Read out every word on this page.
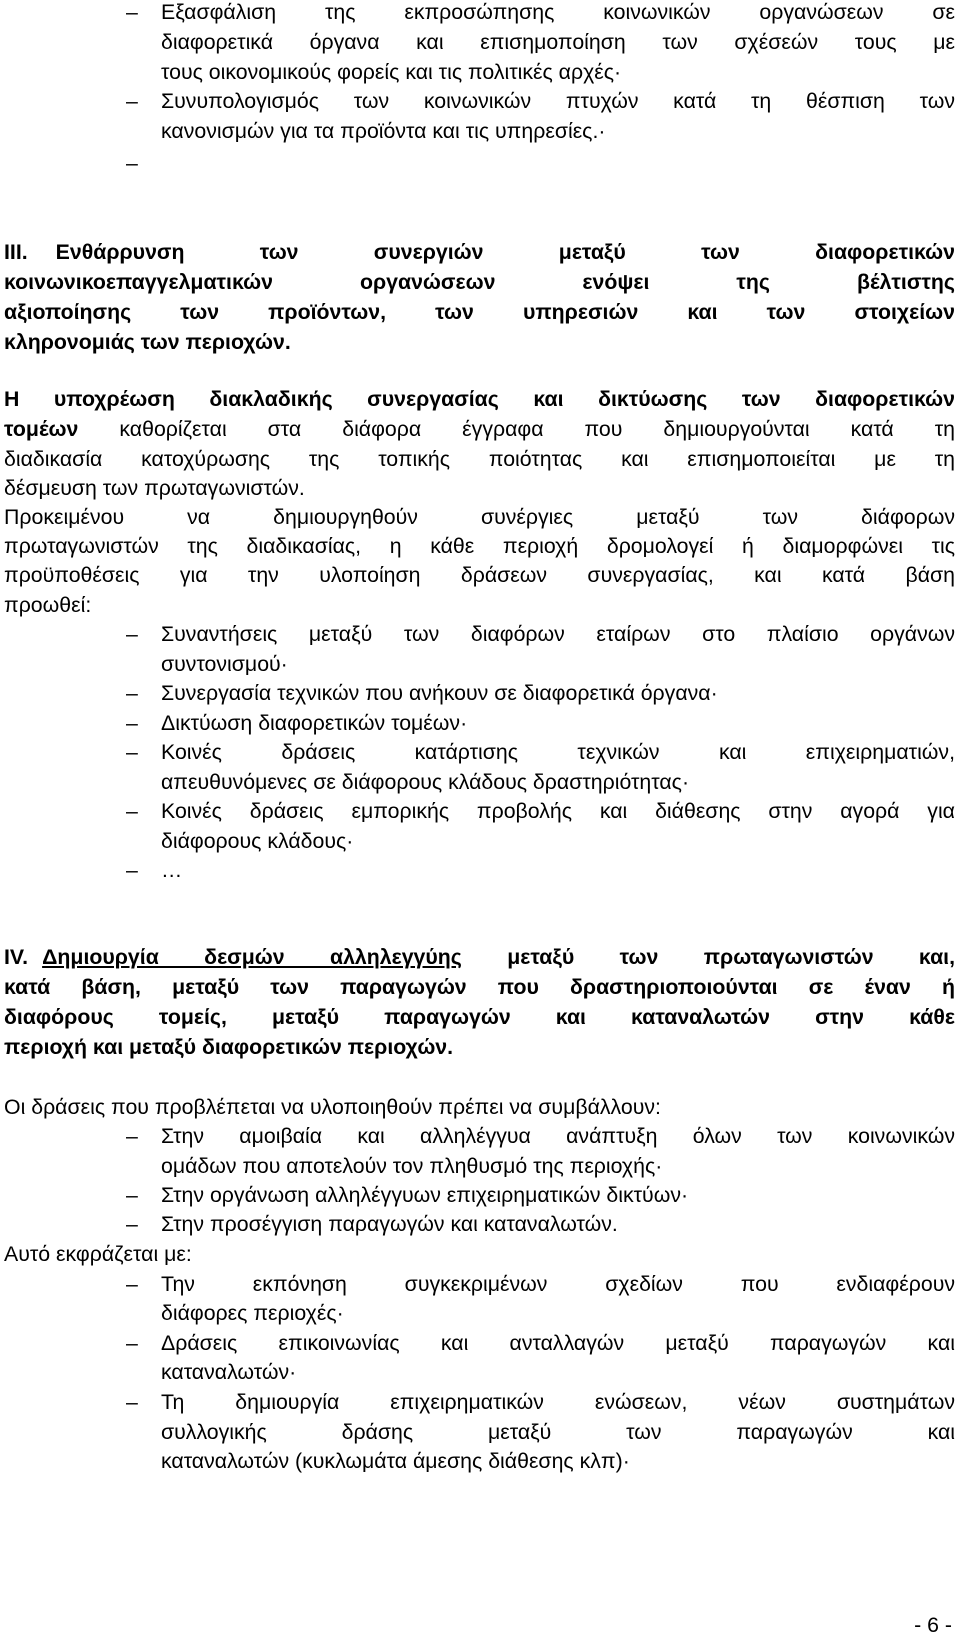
– Εξασφάλιση της εκπροσώπησης κοινωνικών οργανώσεων σε
διαφορετικά όργανα και επισημοποίηση των σχέσεών τους με
τους οικονομικούς φορείς και τις πολιτικές αρχές·
– Συνυπολογισμός των κοινωνικών πτυχών κατά τη θέσπιση των
κανονισμών για τα προϊόντα και τις υπηρεσίες.·
–
III. Ενθάρρυνση των συνεργιών μεταξύ των διαφορετικών
κοινωνικοεπαγγελματικών οργανώσεων ενόψει της βέλτιστης
αξιοποίησης των προϊόντων, των υπηρεσιών και των στοιχείων
κληρονομιάς των περιοχών.
Η υποχρέωση διακλαδικής συνεργασίας και δικτύωσης των διαφορετικών
τομέων καθορίζεται στα διάφορα έγγραφα που δημιουργούνται κατά τη
διαδικασία κατοχύρωσης της τοπικής ποιότητας και επισημοποιείται με τη
δέσμευση των πρωταγωνιστών.
Προκειμένου να δημιουργηθούν συνέργιες μεταξύ των διάφορων
πρωταγωνιστών της διαδικασίας, η κάθε περιοχή δρομολογεί ή διαμορφώνει τις
προϋποθέσεις για την υλοποίηση δράσεων συνεργασίας, και κατά βάση
προωθεί:
– Συναντήσεις μεταξύ των διαφόρων εταίρων στο πλαίσιο οργάνων
συντονισμού·
– Συνεργασία τεχνικών που ανήκουν σε διαφορετικά όργανα·
– Δικτύωση διαφορετικών τομέων·
– Κοινές δράσεις κατάρτισης τεχνικών και επιχειρηματιών,
απευθυνόμενες σε διάφορους κλάδους δραστηριότητας·
– Κοινές δράσεις εμπορικής προβολής και διάθεσης στην αγορά για
διάφορους κλάδους·
– …
IV. Δημιουργία δεσμών αλληλεγγύης μεταξύ των πρωταγωνιστών και,
κατά βάση, μεταξύ των παραγωγών που δραστηριοποιούνται σε έναν ή
διαφόρους τομείς, μεταξύ παραγωγών και καταναλωτών στην κάθε
περιοχή και μεταξύ διαφορετικών περιοχών.
Οι δράσεις που προβλέπεται να υλοποιηθούν πρέπει να συμβάλλουν:
– Στην αμοιβαία και αλληλέγγυα ανάπτυξη όλων των κοινωνικών
ομάδων που αποτελούν τον πληθυσμό της περιοχής·
– Στην οργάνωση αλληλέγγυων επιχειρηματικών δικτύων·
– Στην προσέγγιση παραγωγών και καταναλωτών.
Αυτό εκφράζεται με:
– Την εκπόνηση συγκεκριμένων σχεδίων που ενδιαφέρουν
διάφορες περιοχές·
– Δράσεις επικοινωνίας και ανταλλαγών μεταξύ παραγωγών και
καταναλωτών·
– Τη δημιουργία επιχειρηματικών ενώσεων, νέων συστημάτων
συλλογικής δράσης μεταξύ των παραγωγών και
καταναλωτών (κυκλωμάτα άμεσης διάθεσης κλπ)·
- 6 -
